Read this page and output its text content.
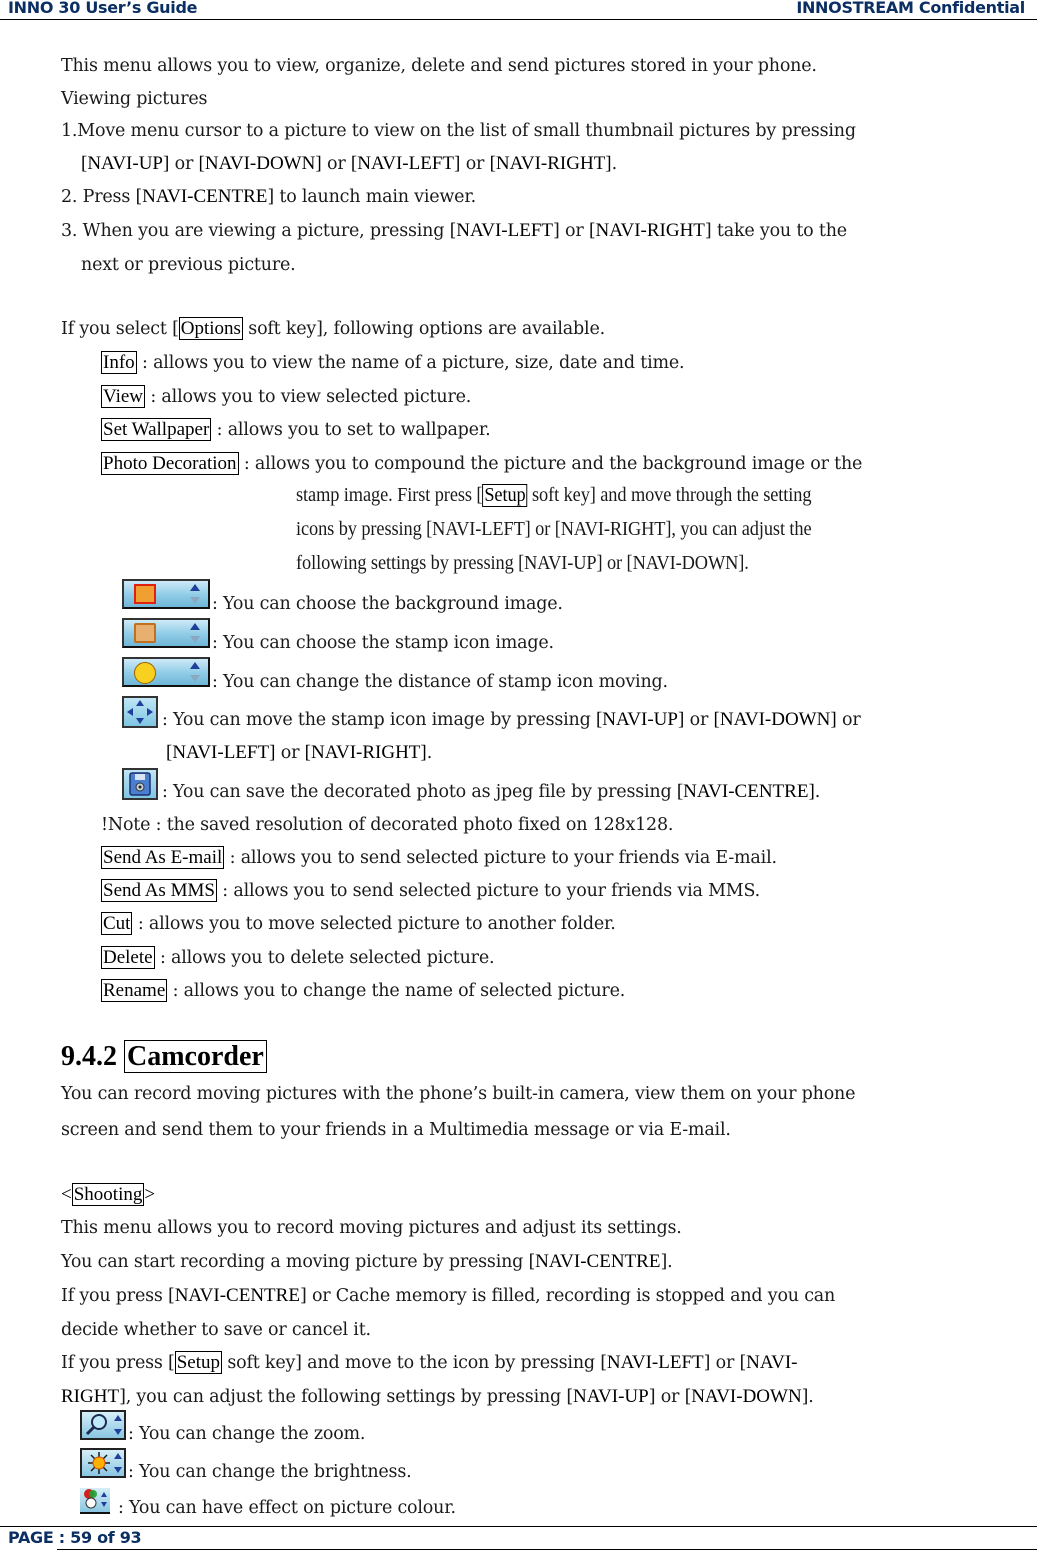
INNO 30 User’s Guide	INNOSTREAM Confidential
This menu allows you to view, organize, delete and send pictures stored in your phone.
Viewing pictures
1.Move menu cursor to a picture to view on the list of small thumbnail pictures by pressing
[NAVI-UP] or [NAVI-DOWN] or [NAVI-LEFT] or [NAVI-RIGHT].
2. Press [NAVI-CENTRE] to launch main viewer.
3. When you are viewing a picture, pressing [NAVI-LEFT] or [NAVI-RIGHT] take you to the
next or previous picture.
If you select [ Options soft key], following options are available.
Info : allows you to view the name of a picture, size, date and time.
View : allows you to view selected picture.
Set Wallpaper : allows you to set to wallpaper.
Photo Decoration : allows you to compound the picture and the background image or the
stamp image. First press [Setup soft key] and move through the setting
icons by pressing [NAVI-LEFT] or [NAVI-RIGHT], you can adjust the
following settings by pressing [NAVI-UP] or [NAVI-DOWN].
: You can choose the background image.
: You can choose the stamp icon image.
: You can change the distance of stamp icon moving.
: You can move the stamp icon image by pressing [NAVI-UP] or [NAVI-DOWN] or
[NAVI-LEFT] or [NAVI-RIGHT].
: You can save the decorated photo as jpeg file by pressing [NAVI-CENTRE].
!Note : the saved resolution of decorated photo fixed on 128x128.
Send As E-mail : allows you to send selected picture to your friends via E-mail.
Send As MMS : allows you to send selected picture to your friends via MMS.
Cut : allows you to move selected picture to another folder.
Delete : allows you to delete selected picture.
Rename : allows you to change the name of selected picture.
9.4.2 Camcorder
You can record moving pictures with the phone’s built-in camera, view them on your phone
screen and send them to your friends in a Multimedia message or via E-mail.
< Shooting >
This menu allows you to record moving pictures and adjust its settings.
You can start recording a moving picture by pressing [NAVI-CENTRE].
If you press [NAVI-CENTRE] or Cache memory is filled, recording is stopped and you can
decide whether to save or cancel it.
If you press [ Setup soft key] and move to the icon by pressing [NAVI-LEFT] or [NAVI-
RIGHT], you can adjust the following settings by pressing [NAVI-UP] or [NAVI-DOWN].
: You can change the zoom.
: You can change the brightness.
: You can have effect on picture colour.
PAGE : 59 of 93
